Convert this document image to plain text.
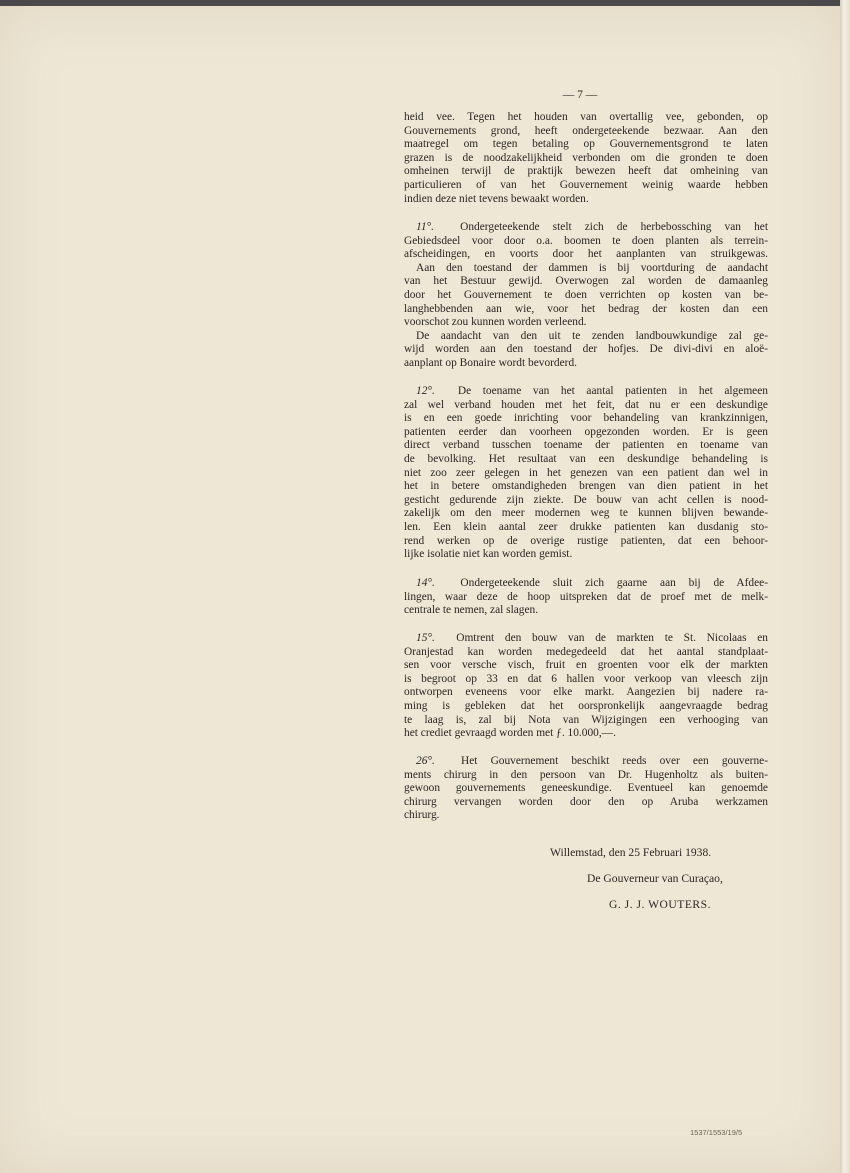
— 7 —
heid vee. Tegen het houden van overtallig vee, gebonden, op
Gouvernements grond, heeft ondergeteekende bezwaar. Aan den
maatregel om tegen betaling op Gouvernementsgrond te laten
grazen is de noodzakelijkheid verbonden om die gronden te doen
omheinen terwijl de praktijk bewezen heeft dat omheining van
particulieren of van het Gouvernement weinig waarde hebben
indien deze niet tevens bewaakt worden.
11°. Ondergeteekende stelt zich de herbebossching van het
Gebiedsdeel voor door o.a. boomen te doen planten als terrein-
afscheidingen, en voorts door het aanplanten van struikgewas.
Aan den toestand der dammen is bij voortduring de aandacht
van het Bestuur gewijd. Overwogen zal worden de damaanleg
door het Gouvernement te doen verrichten op kosten van be-
langhebbenden aan wie, voor het bedrag der kosten dan een
voorschot zou kunnen worden verleend.
De aandacht van den uit te zenden landbouwkundige zal ge-
wijd worden aan den toestand der hofjes. De divi-divi en aloë-
aanplant op Bonaire wordt bevorderd.
12°. De toename van het aantal patienten in het algemeen
zal wel verband houden met het feit, dat nu er een deskundige
is en een goede inrichting voor behandeling van krankzinnigen,
patienten eerder dan voorheen opgezonden worden. Er is geen
direct verband tusschen toename der patienten en toename van
de bevolking. Het resultaat van een deskundige behandeling is
niet zoo zeer gelegen in het genezen van een patient dan wel in
het in betere omstandigheden brengen van dien patient in het
gesticht gedurende zijn ziekte. De bouw van acht cellen is nood-
zakelijk om den meer modernen weg te kunnen blijven bewande-
len. Een klein aantal zeer drukke patienten kan dusdanig sto-
rend werken op de overige rustige patienten, dat een behoor-
lijke isolatie niet kan worden gemist.
14°. Ondergeteekende sluit zich gaarne aan bij de Afdee-
lingen, waar deze de hoop uitspreken dat de proef met de melk-
centrale te nemen, zal slagen.
15°. Omtrent den bouw van de markten te St. Nicolaas en
Oranjestad kan worden medegedeeld dat het aantal standplaat-
sen voor versche visch, fruit en groenten voor elk der markten
is begroot op 33 en dat 6 hallen voor verkoop van vleesch zijn
ontworpen eveneens voor elke markt. Aangezien bij nadere ra-
ming is gebleken dat het oorspronkelijk aangevraagde bedrag
te laag is, zal bij Nota van Wijzigingen een verhooging van
het crediet gevraagd worden met ƒ. 10.000,—.
26°. Het Gouvernement beschikt reeds over een gouverne-
ments chirurg in den persoon van Dr. Hugenholtz als buiten-
gewoon gouvernements geneeskundige. Eventueel kan genoemde
chirurg vervangen worden door den op Aruba werkzamen
chirurg.
Willemstad, den 25 Februari 1938.
De Gouverneur van Curaçao,
G. J. J. WOUTERS.
1537/1553/19/5
